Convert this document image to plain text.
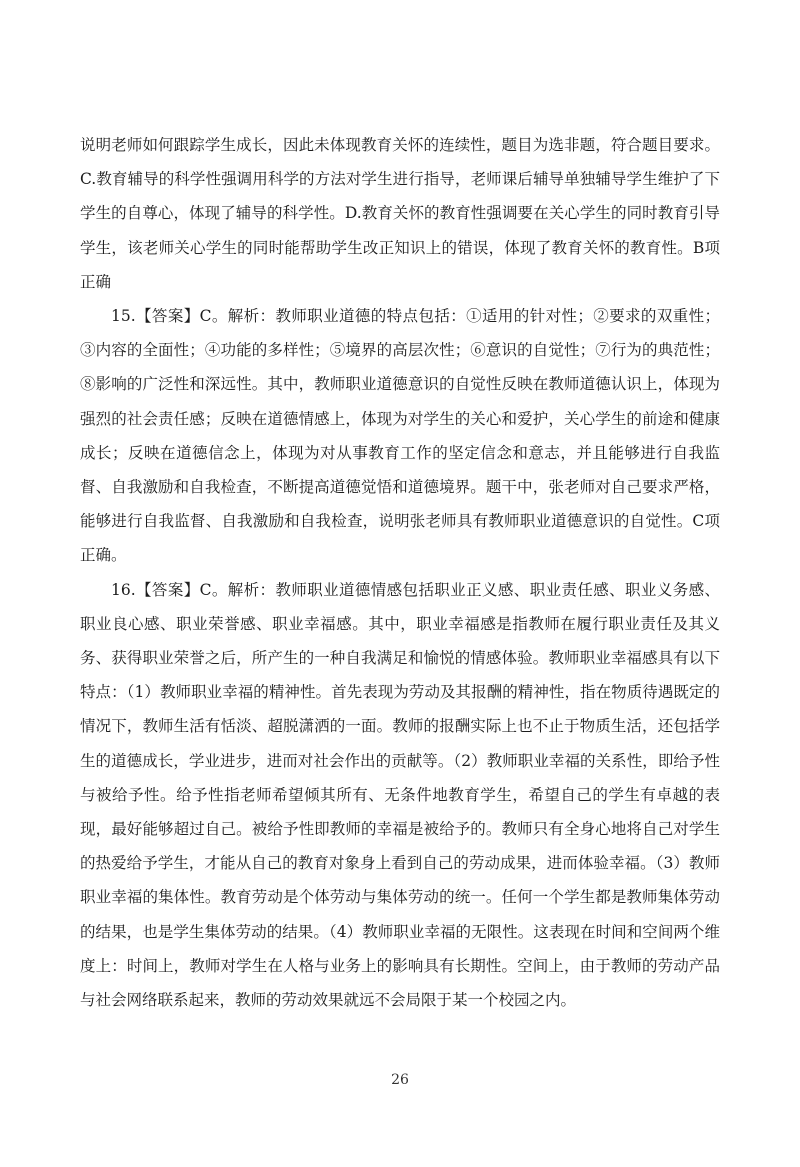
说明老师如何跟踪学生成长，因此未体现教育关怀的连续性，题目为选非题，符合题目要求。C.教育辅导的科学性强调用科学的方法对学生进行指导，老师课后辅导单独辅导学生维护了下学生的自尊心，体现了辅导的科学性。D.教育关怀的教育性强调要在关心学生的同时教育引导学生，该老师关心学生的同时能帮助学生改正知识上的错误，体现了教育关怀的教育性。B项正确

15.【答案】C。解析：教师职业道德的特点包括：①适用的针对性；②要求的双重性；③内容的全面性；④功能的多样性；⑤境界的高层次性；⑥意识的自觉性；⑦行为的典范性；⑧影响的广泛性和深远性。其中，教师职业道德意识的自觉性反映在教师道德认识上，体现为强烈的社会责任感；反映在道德情感上，体现为对学生的关心和爱护，关心学生的前途和健康成长；反映在道德信念上，体现为对从事教育工作的坚定信念和意志，并且能够进行自我监督、自我激励和自我检查，不断提高道德觉悟和道德境界。题干中，张老师对自己要求严格，能够进行自我监督、自我激励和自我检查，说明张老师具有教师职业道德意识的自觉性。C项正确。

16.【答案】C。解析：教师职业道德情感包括职业正义感、职业责任感、职业义务感、职业良心感、职业荣誉感、职业幸福感。其中，职业幸福感是指教师在履行职业责任及其义务、获得职业荣誉之后，所产生的一种自我满足和愉悦的情感体验。教师职业幸福感具有以下特点：（1）教师职业幸福的精神性。首先表现为劳动及其报酬的精神性，指在物质待遇既定的情况下，教师生活有恬淡、超脱潇洒的一面。教师的报酬实际上也不止于物质生活，还包括学生的道德成长，学业进步，进而对社会作出的贡献等。（2）教师职业幸福的关系性，即给予性与被给予性。给予性指老师希望倾其所有、无条件地教育学生，希望自己的学生有卓越的表现，最好能够超过自己。被给予性即教师的幸福是被给予的。教师只有全身心地将自己对学生的热爱给予学生，才能从自己的教育对象身上看到自己的劳动成果，进而体验幸福。（3）教师职业幸福的集体性。教育劳动是个体劳动与集体劳动的统一。任何一个学生都是教师集体劳动的结果，也是学生集体劳动的结果。（4）教师职业幸福的无限性。这表现在时间和空间两个维度上：时间上，教师对学生在人格与业务上的影响具有长期性。空间上，由于教师的劳动产品与社会网络联系起来，教师的劳动效果就远不会局限于某一个校园之内。

26
